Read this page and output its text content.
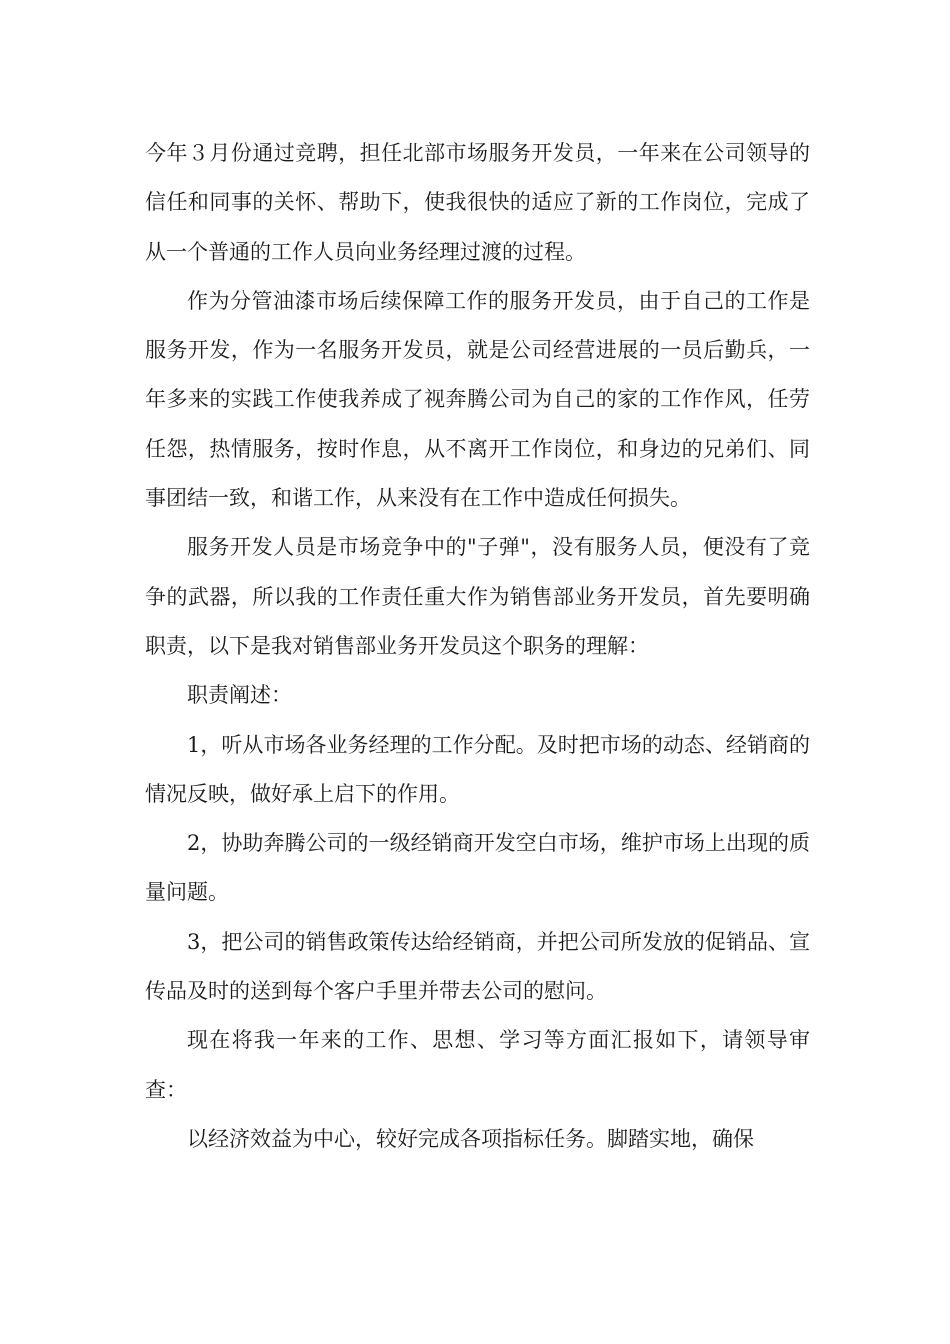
今年３月份通过竞聘，担任北部市场服务开发员，一年来在公司领导的信任和同事的关怀、帮助下，使我很快的适应了新的工作岗位，完成了从一个普通的工作人员向业务经理过渡的过程。

作为分管油漆市场后续保障工作的服务开发员，由于自己的工作是服务开发，作为一名服务开发员，就是公司经营进展的一员后勤兵，一年多来的实践工作使我养成了视奔腾公司为自己的家的工作作风，任劳任怨，热情服务，按时作息，从不离开工作岗位，和身边的兄弟们、同事团结一致，和谐工作，从来没有在工作中造成任何损失。

服务开发人员是市场竞争中的"子弹"，没有服务人员，便没有了竞争的武器，所以我的工作责任重大作为销售部业务开发员，首先要明确职责，以下是我对销售部业务开发员这个职务的理解：

职责阐述：

1，听从市场各业务经理的工作分配。及时把市场的动态、经销商的情况反映，做好承上启下的作用。

2，协助奔腾公司的一级经销商开发空白市场，维护市场上出现的质量问题。

3，把公司的销售政策传达给经销商，并把公司所发放的促销品、宣传品及时的送到每个客户手里并带去公司的慰问。

现在将我一年来的工作、思想、学习等方面汇报如下，请领导审查：

以经济效益为中心，较好完成各项指标任务。脚踏实地，确保
